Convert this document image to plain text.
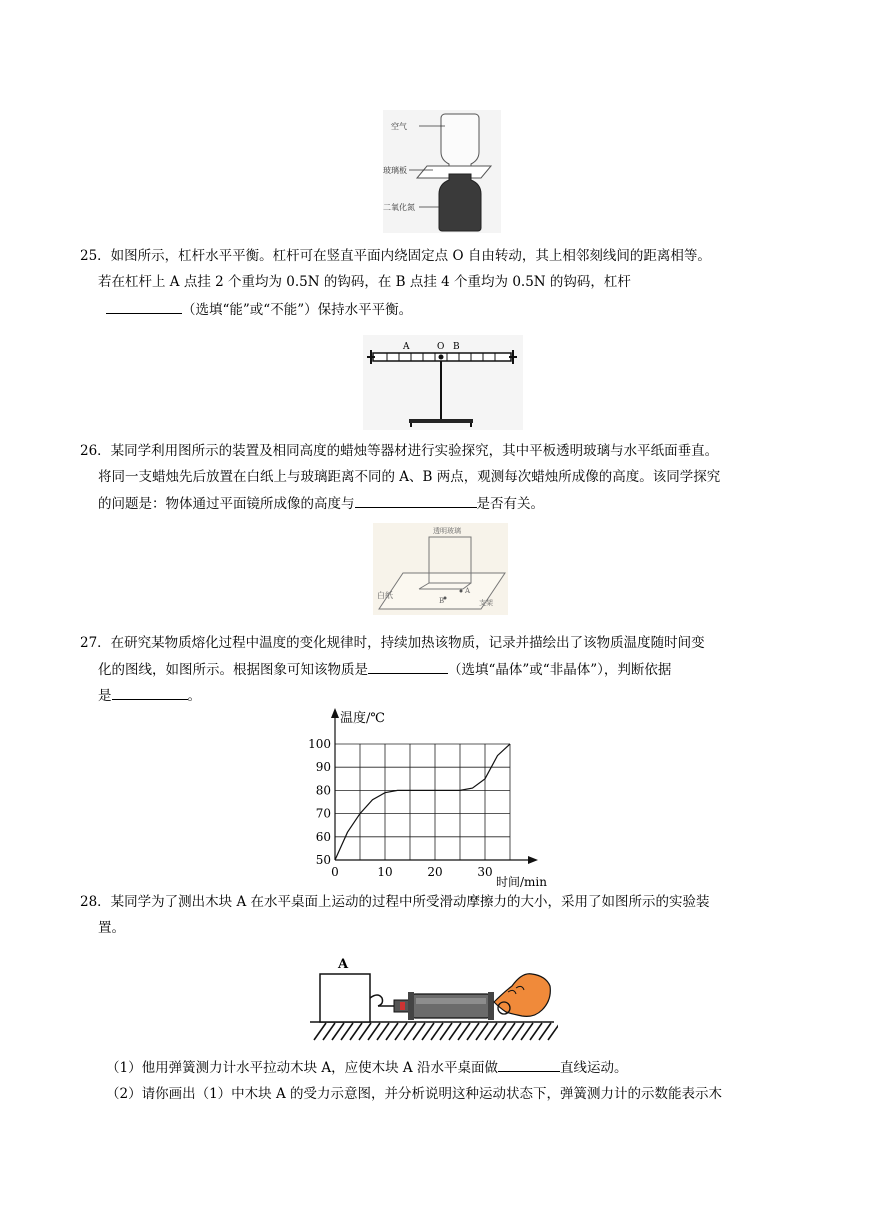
空气
玻璃板
二氧化氮
25．如图所示，杠杆水平平衡。杠杆可在竖直平面内绕固定点 O 自由转动，其上相邻刻线间的距离相等。
若在杠杆上 A 点挂 2 个重均为 0.5N 的钩码，在 B 点挂 4 个重均为 0.5N 的钩码，杠杆
（选填“能”或“不能”）保持水平平衡。
A	O B
26．某同学利用图所示的装置及相同高度的蜡烛等器材进行实验探究，其中平板透明玻璃与水平纸面垂直。
将同一支蜡烛先后放置在白纸上与玻璃距离不同的 A、B 两点，观测每次蜡烛所成像的高度。该同学探究
的问题是：物体通过平面镜所成像的高度与	是否有关。
透明玻璃
白纸	A
B	支架
27．在研究某物质熔化过程中温度的变化规律时，持续加热该物质，记录并描绘出了该物质温度随时间变
化的图线，如图所示。根据图象可知该物质是	（选填“晶体”或“非晶体”），判断依据
是	。
50
60
70
80
90
100
0	10	20	30
温度/℃
时间/min
28．某同学为了测出木块 A 在水平桌面上运动的过程中所受滑动摩擦力的大小，采用了如图所示的实验装
置。
A
（1）他用弹簧测力计水平拉动木块 A，应使木块 A 沿水平桌面做	直线运动。
（2）请你画出（1）中木块 A 的受力示意图，并分析说明这种运动状态下，弹簧测力计的示数能表示木
